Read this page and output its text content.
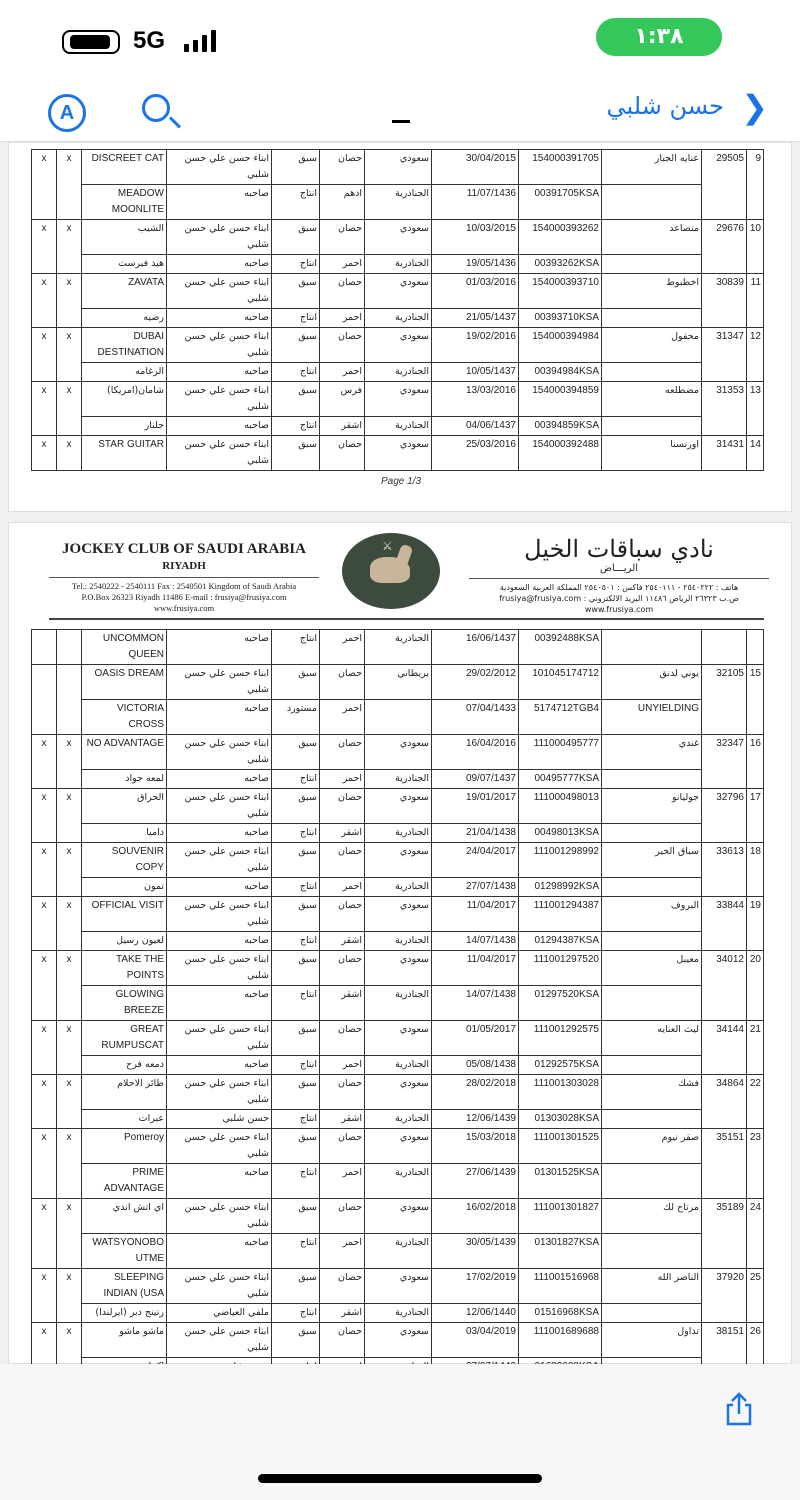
5G	١:٣٨
A	حسن شلبي ❯
x	x	DISCREET CAT	ابناء حسن علي حسن شلبي	سبق	حصان	سعودي	30/04/2015	154000391705	عنايه الجبار	29505	9
		MEADOW MOONLITE	صاحبه	انتاج	ادهم	الجنادرية	11/07/1436	00391705KSA			
x	x	الشيب	ابناء حسن علي حسن شلبي	سبق	حصان	سعودي	10/03/2015	154000393262	متصاعد	29676	10
		هيد فيرست	صاحبه	انتاج	احمر	الجنادرية	19/05/1436	00393262KSA			
x	x	ZAVATA	ابناء حسن علي حسن شلبي	سبق	حصان	سعودي	01/03/2016	154000393710	اخطبوط	30839	11
		رضيه	صاحبه	انتاج	احمر	الجنادرية	21/05/1437	00393710KSA			
x	x	DUBAI DESTINATION	ابناء حسن علي حسن شلبي	سبق	حصان	سعودي	19/02/2016	154000394984	محفول	31347	12
		الرغامه	صاحبه	انتاج	احمر	الجنادرية	10/05/1437	00394984KSA			
x	x	شامان(امريكا)	ابناء حسن علي حسن شلبي	سبق	فرس	سعودي	13/03/2016	154000394859	مضطلعه	31353	13
		جلنار	صاحبه	انتاج	اشقر	الجنادرية	04/06/1437	00394859KSA			
x	x	STAR GUITAR	ابناء حسن علي حسن شلبي	سبق	حصان	سعودي	25/03/2016	154000392488	اورنسنا	31431	14
Page 1/3
JOCKEY CLUB OF SAUDI ARABIA
RIYADH
Tel.: 2540222 - 2540111 Fax : 2540501 Kingdom of Saudi Arabia
P.O.Box 26323 Riyadh 11486 E-mail : frusiya@frusiya.com
www.frusiya.com
⚔	نادي سباقات الخيل
الريـــاض
هاتف : ٢٥٤٠٢٢٢ - ٢٥٤٠١١١ فاكس : ٢٥٤٠٥٠١ المملكة العربية السعودية
ص.ب ٢٦٣٢٣ الرياض ١١٤٨٦ البريد الالكتروني : frusiya@frusiya.com
www.frusiya.com
		UNCOMMON QUEEN	صاحبه	انتاج	احمر	الجنادرية	16/06/1437	00392488KSA			
		OASIS DREAM	ابناء حسن علي حسن شلبي	سبق	حصان	بريطاني	29/02/2012	101045174712	يوني لدنق	32105	15
		VICTORIA CROSS	صاحبه	مستورد	احمر		07/04/1433	5174712TGB4	UNYIELDING		
x	x	NO ADVANTAGE	ابناء حسن علي حسن شلبي	سبق	حصان	سعودي	16/04/2016	111000495777	غندي	32347	16
		لمعه جواد	صاحبه	انتاج	احمر	الجنادرية	09/07/1437	00495777KSA			
x	x	الحراق	ابناء حسن علي حسن شلبي	سبق	حصان	سعودي	19/01/2017	111000498013	جوليانو	32796	17
		داميا	صاحبه	انتاج	اشقر	الجنادرية	21/04/1438	00498013KSA			
x	x	SOUVENIR COPY	ابناء حسن علي حسن شلبي	سبق	حصان	سعودي	24/04/2017	111001298992	سباق الخير	33613	18
		تمون	صاحبه	انتاج	احمر	الجنادرية	27/07/1438	01298992KSA			
x	x	OFFICIAL VISIT	ابناء حسن علي حسن شلبي	سبق	حصان	سعودي	11/04/2017	111001294387	البروف	33844	19
		لعيون رسيل	صاحبه	انتاج	اشقر	الجنادرية	14/07/1438	01294387KSA			
x	x	TAKE THE POINTS	ابناء حسن علي حسن شلبي	سبق	حصان	سعودي	11/04/2017	111001297520	معيبل	34012	20
		GLOWING BREEZE	صاحبه	انتاج	اشقر	الجنادرية	14/07/1438	01297520KSA			
x	x	GREAT RUMPUSCAT	ابناء حسن علي حسن شلبي	سبق	حصان	سعودي	01/05/2017	111001292575	ليث العنايه	34144	21
		دمعه فرح	صاحبه	انتاج	احمر	الجنادرية	05/08/1438	01292575KSA			
x	x	طائر الاحلام	ابناء حسن علي حسن شلبي	سبق	حصان	سعودي	28/02/2018	111001303028	فشك	34864	22
		عبرات	حسن شلبي	انتاج	اشقر	الجنادرية	12/06/1439	01303028KSA			
x	x	Pomeroy	ابناء حسن علي حسن شلبي	سبق	حصان	سعودي	15/03/2018	111001301525	صقر نيوم	35151	23
		PRIME ADVANTAGE	صاحبه	انتاج	احمر	الجنادرية	27/06/1439	01301525KSA			
x	x	اي اتش اندي	ابناء حسن علي حسن شلبي	سبق	حصان	سعودي	16/02/2018	111001301827	مرتاح لك	35189	24
		WATSYONOBO UTME	صاحبه	انتاج	احمر	الجنادرية	30/05/1439	01301827KSA			
x	x	SLEEPING INDIAN (USA	ابناء حسن علي حسن شلبي	سبق	حصان	سعودي	17/02/2019	111001516968	الناصر الله	37920	25
		رتينج دبر (ايرلندا)	ملفي العياضي	انتاج	اشقر	الجنادرية	12/06/1440	01516968KSA			
x	x	ماشو ماشو	ابناء حسن علي حسن شلبي	سبق	حصان	سعودي	03/04/2019	111001689688	تداول	38151	26
